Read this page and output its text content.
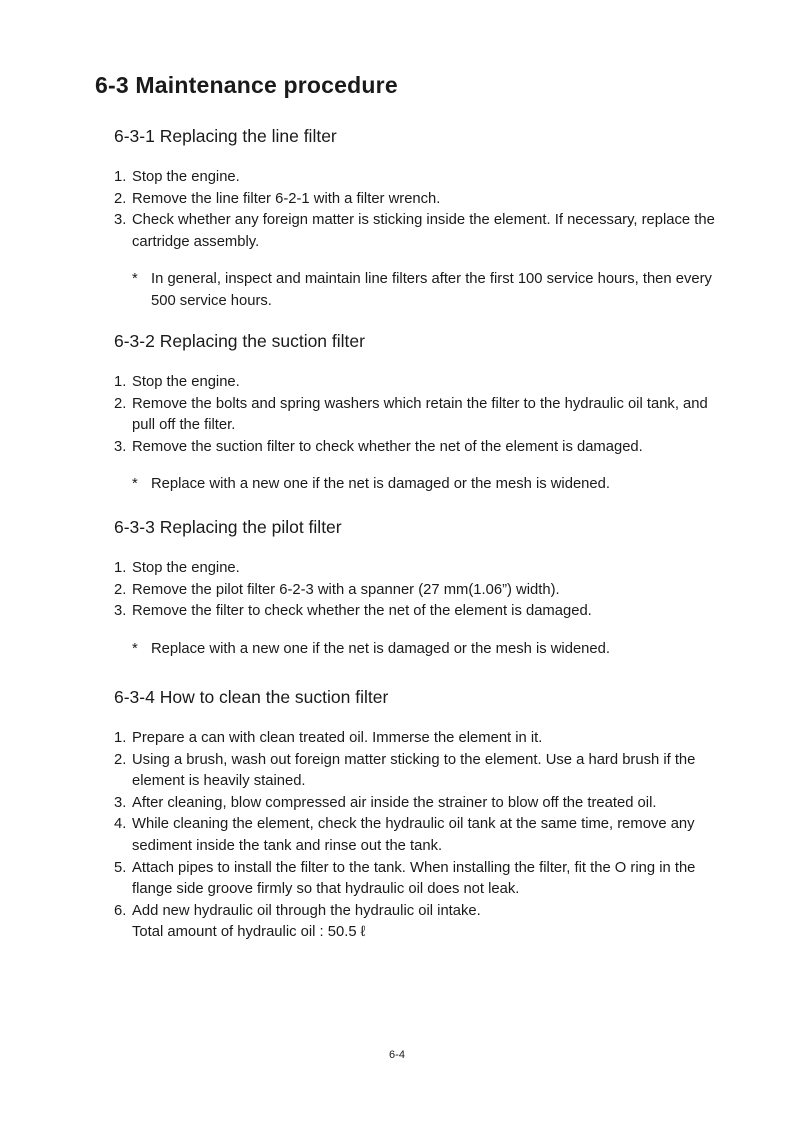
6-3 Maintenance procedure
6-3-1 Replacing the line filter
1. Stop the engine.
2. Remove the line filter 6-2-1 with a filter wrench.
3. Check whether any foreign matter is sticking inside the element. If necessary, replace the cartridge assembly.
* In general, inspect and maintain line filters after the first 100 service hours, then every 500 service hours.
6-3-2 Replacing the suction filter
1. Stop the engine.
2. Remove the bolts and spring washers which retain the filter to the hydraulic oil tank, and pull off the filter.
3. Remove the suction filter to check whether the net of the element is damaged.
* Replace with a new one if the net is damaged or the mesh is widened.
6-3-3 Replacing the pilot filter
1. Stop the engine.
2. Remove the pilot filter 6-2-3 with a spanner (27 mm(1.06”) width).
3. Remove the filter to check whether the net of the element is damaged.
* Replace with a new one if the net is damaged or the mesh is widened.
6-3-4 How to clean the suction filter
1. Prepare a can with clean treated oil. Immerse the element in it.
2. Using a brush, wash out foreign matter sticking to the element. Use a hard brush if the element is heavily stained.
3. After cleaning, blow compressed air inside the strainer to blow off the treated oil.
4. While cleaning the element, check the hydraulic oil tank at the same time, remove any sediment inside the tank and rinse out the tank.
5. Attach pipes to install the filter to the tank. When installing the filter, fit the O ring in the flange side groove firmly so that hydraulic oil does not leak.
6. Add new hydraulic oil through the hydraulic oil intake.
Total amount of hydraulic oil : 50.5 ℓ
6-4
